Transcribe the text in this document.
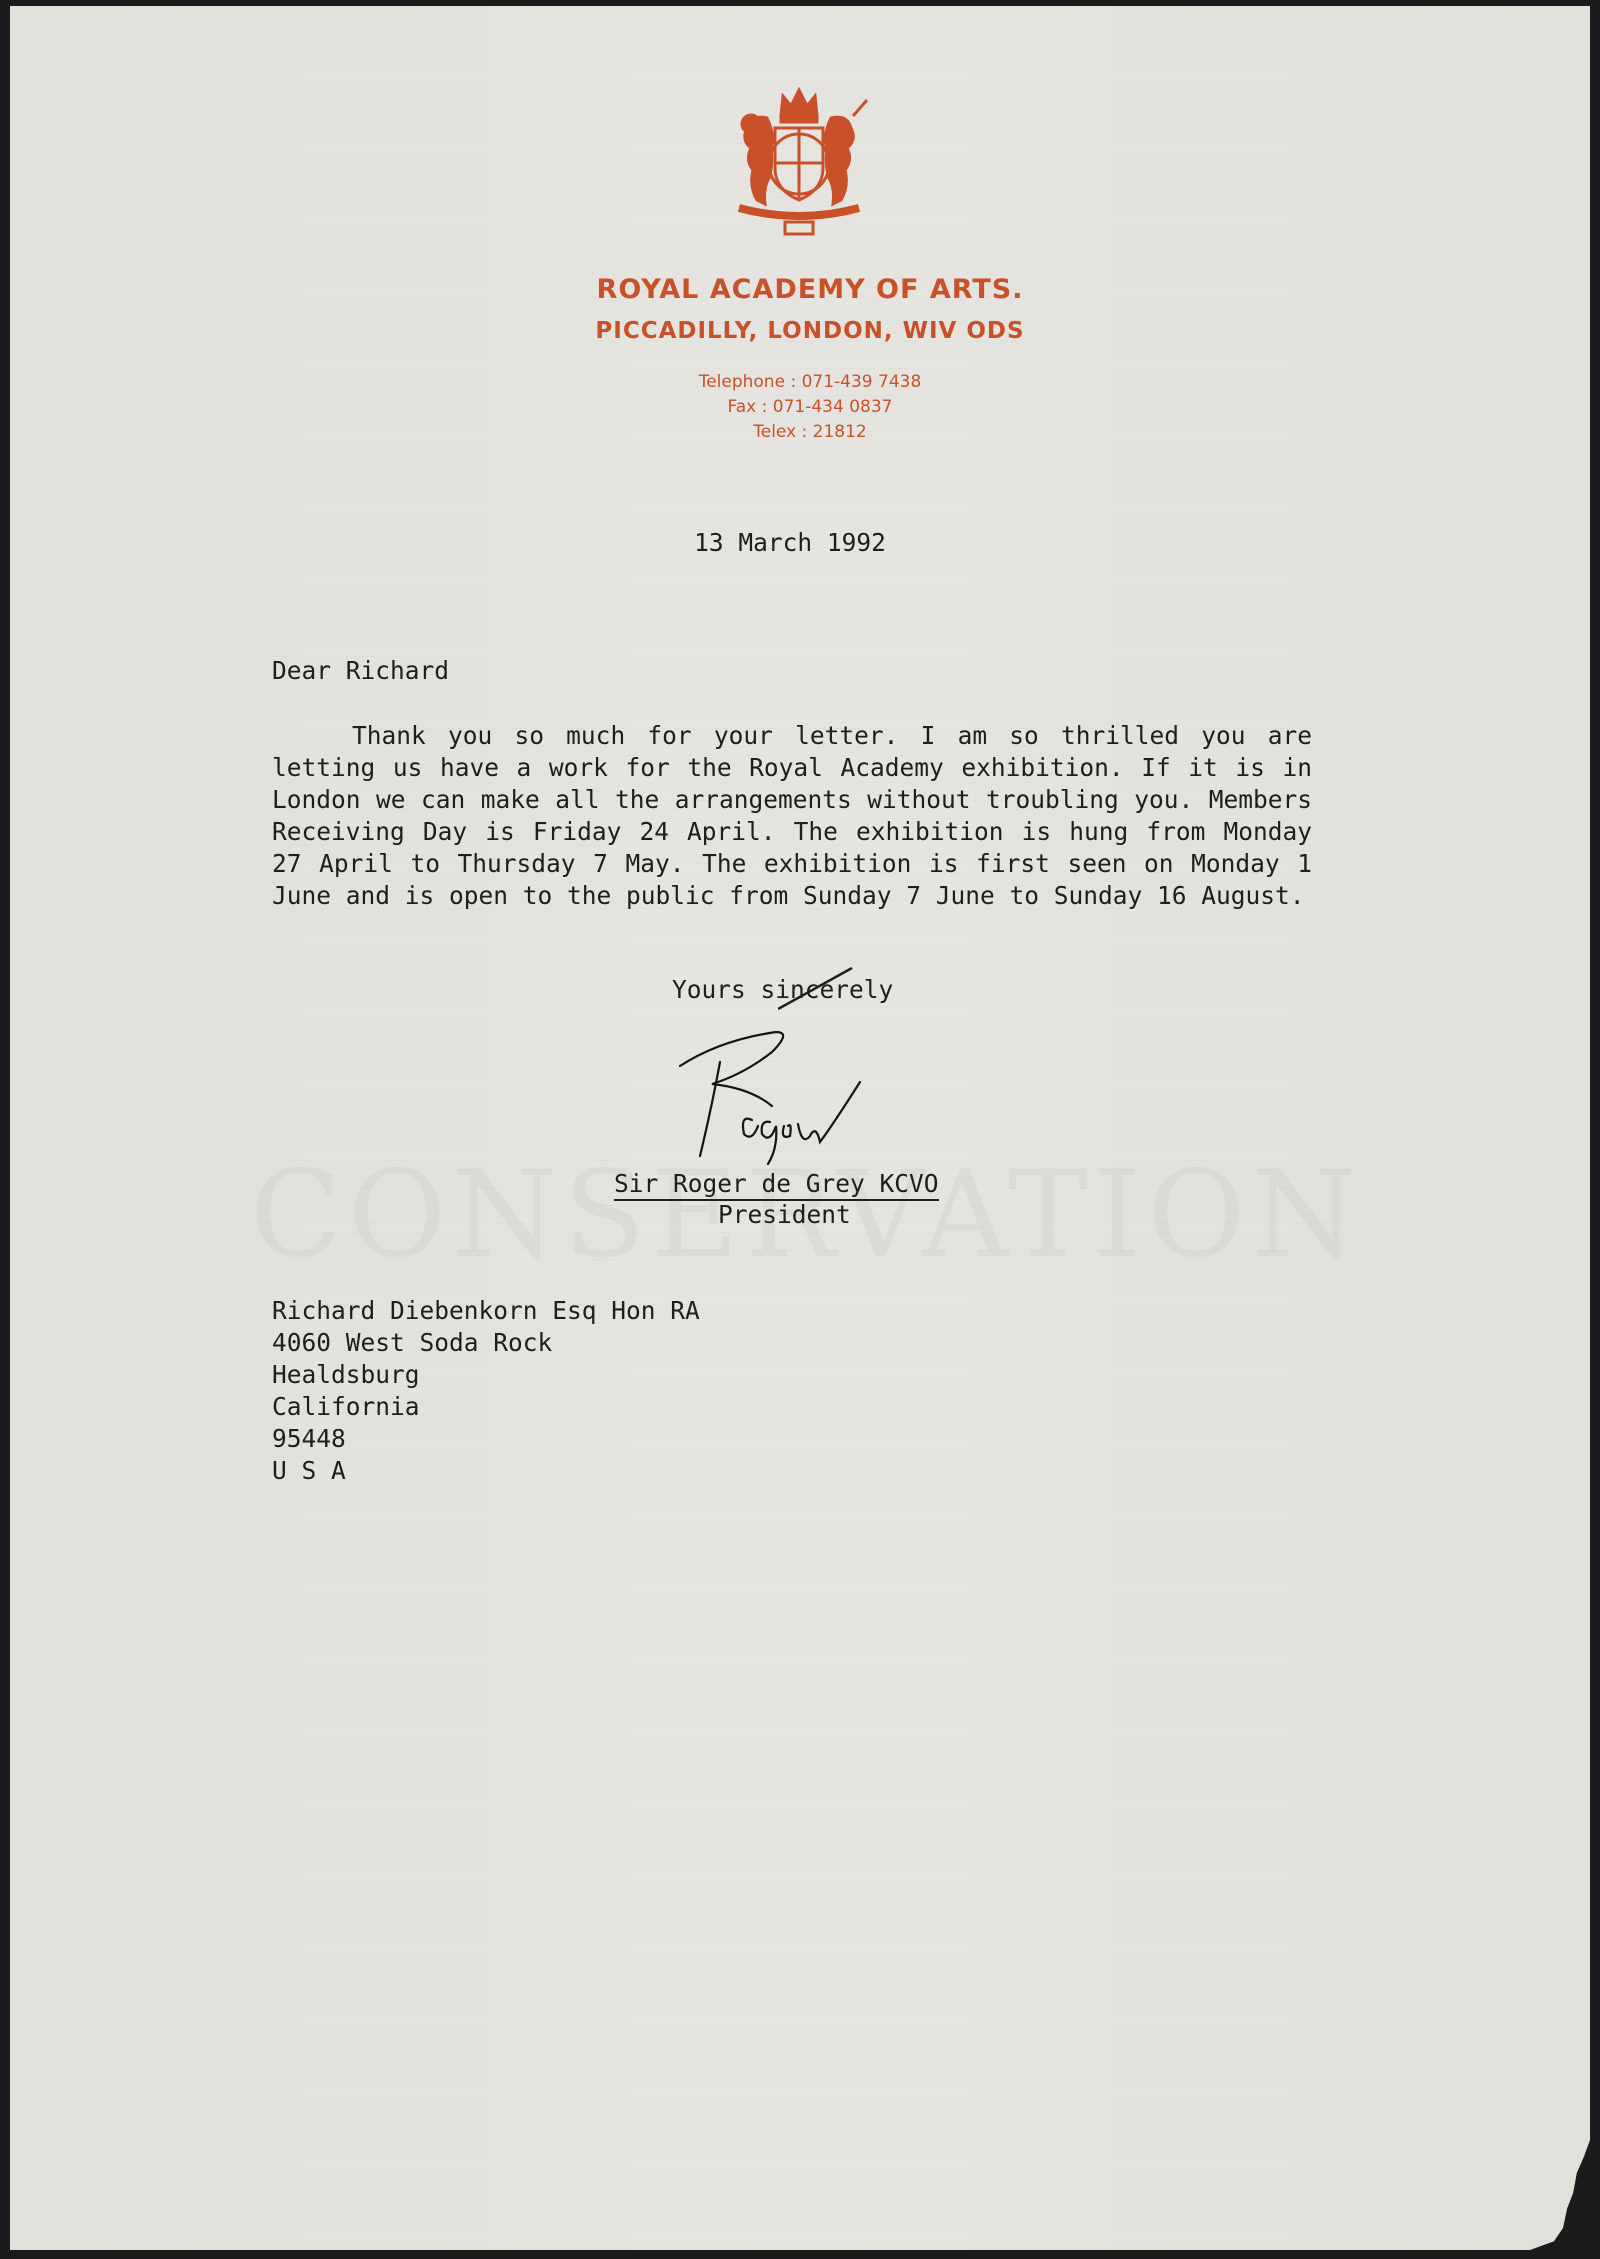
ROYAL ACADEMY OF ARTS.
PICCADILLY, LONDON, WIV ODS
Telephone : 071-439 7438
Fax : 071-434 0837
Telex : 21812
13 March 1992
Dear Richard
Thank you so much for your letter. I am so thrilled you are letting us have a work for the Royal Academy exhibition. If it is in London we can make all the arrangements without troubling you. Members Receiving Day is Friday 24 April. The exhibition is hung from Monday 27 April to Thursday 7 May. The exhibition is first seen on Monday 1 June and is open to the public from Sunday 7 June to Sunday 16 August.
Yours sincerely
Sir Roger de Grey KCVO
President
Richard Diebenkorn Esq Hon RA
4060 West Soda Rock
Healdsburg
California
95448
U S A
